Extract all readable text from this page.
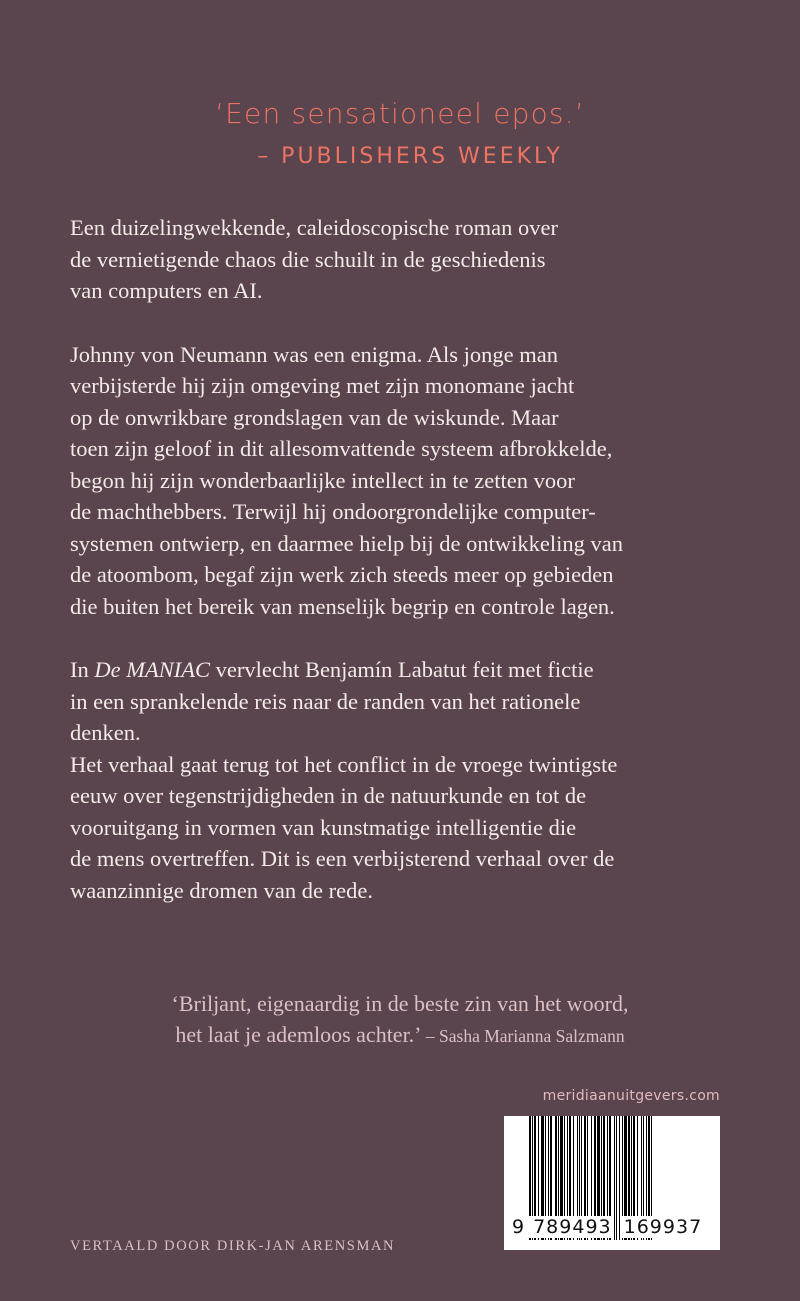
‘Een sensationeel epos.’
– PUBLISHERS WEEKLY

Een duizelingwekkende, caleidoscopische roman over
de vernietigende chaos die schuilt in de geschiedenis
van computers en AI.

Johnny von Neumann was een enigma. Als jonge man
verbijsterde hij zijn omgeving met zijn monomane jacht
op de onwrikbare grondslagen van de wiskunde. Maar
toen zijn geloof in dit allesomvattende systeem afbrokkelde,
begon hij zijn wonderbaarlijke intellect in te zetten voor
de machthebbers. Terwijl hij ondoorgrondelijke computer-
systemen ontwierp, en daarmee hielp bij de ontwikkeling van
de atoombom, begaf zijn werk zich steeds meer op gebieden
die buiten het bereik van menselijk begrip en controle lagen.

In De MANIAC vervlecht Benjamín Labatut feit met fictie
in een sprankelende reis naar de randen van het rationele
denken.

Het verhaal gaat terug tot het conflict in de vroege twintigste
eeuw over tegenstrijdigheden in de natuurkunde en tot de
vooruitgang in vormen van kunstmatige intelligentie die
de mens overtreffen. Dit is een verbijsterend verhaal over de
waanzinnige dromen van de rede.

‘Briljant, eigenaardig in de beste zin van het woord,
het laat je ademloos achter.’ – Sasha Marianna Salzmann
meridiaanuitgevers.com
9 789493 169937
VERTAALD DOOR DIRK-JAN ARENSMAN
